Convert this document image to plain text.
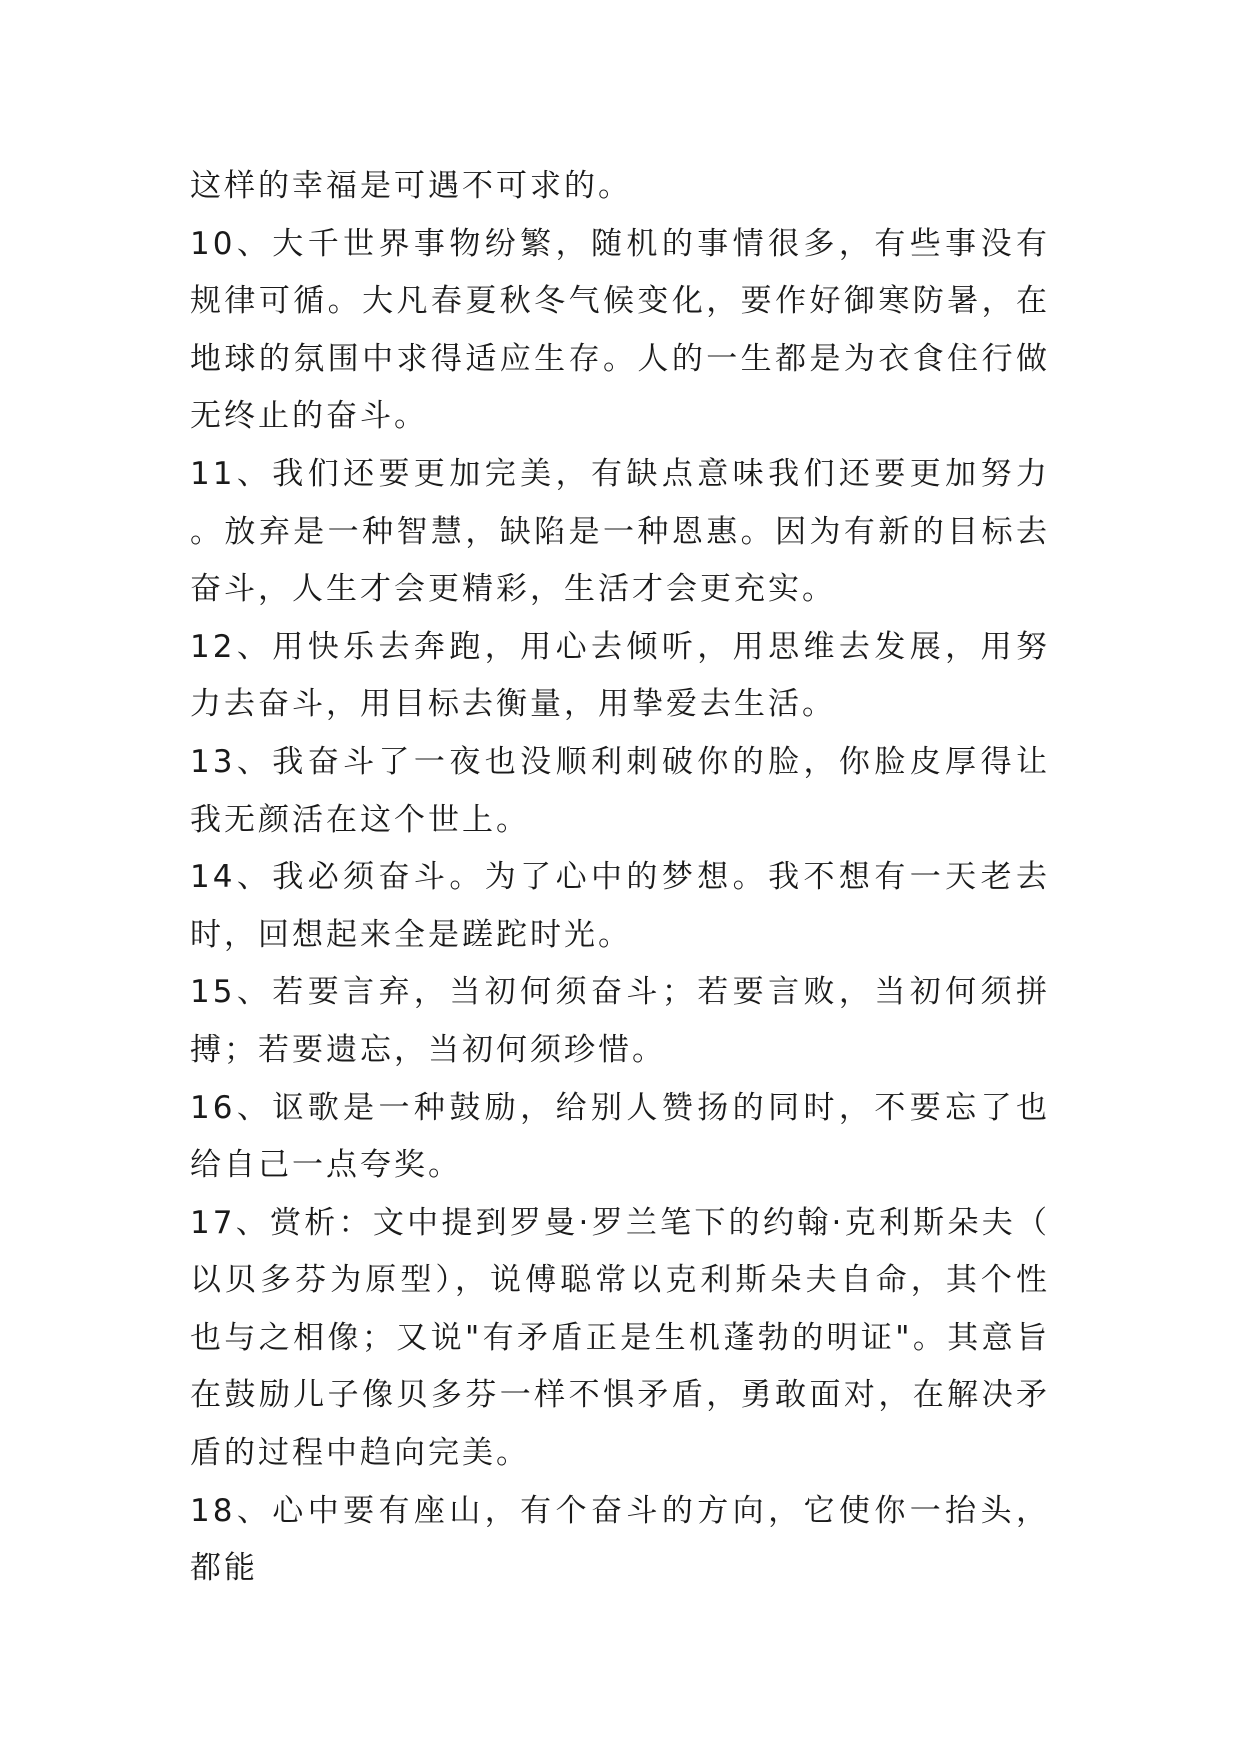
这样的幸福是可遇不可求的。

10、大千世界事物纷繁，随机的事情很多，有些事没有规律可循。大凡春夏秋冬气候变化，要作好御寒防暑，在地球的氛围中求得适应生存。人的一生都是为衣食住行做无终止的奋斗。

11、我们还要更加完美，有缺点意味我们还要更加努力。放弃是一种智慧，缺陷是一种恩惠。因为有新的目标去奋斗，人生才会更精彩，生活才会更充实。

12、用快乐去奔跑，用心去倾听，用思维去发展，用努力去奋斗，用目标去衡量，用挚爱去生活。

13、我奋斗了一夜也没顺利刺破你的脸，你脸皮厚得让我无颜活在这个世上。

14、我必须奋斗。为了心中的梦想。我不想有一天老去时，回想起来全是蹉跎时光。

15、若要言弃，当初何须奋斗；若要言败，当初何须拼搏；若要遗忘，当初何须珍惜。

16、讴歌是一种鼓励，给别人赞扬的同时，不要忘了也给自己一点夸奖。

17、赏析：文中提到罗曼·罗兰笔下的约翰·克利斯朵夫（以贝多芬为原型），说傅聪常以克利斯朵夫自命，其个性也与之相像；又说"有矛盾正是生机蓬勃的明证"。其意旨在鼓励儿子像贝多芬一样不惧矛盾，勇敢面对，在解决矛盾的过程中趋向完美。

18、心中要有座山，有个奋斗的方向，它使你一抬头，都能
